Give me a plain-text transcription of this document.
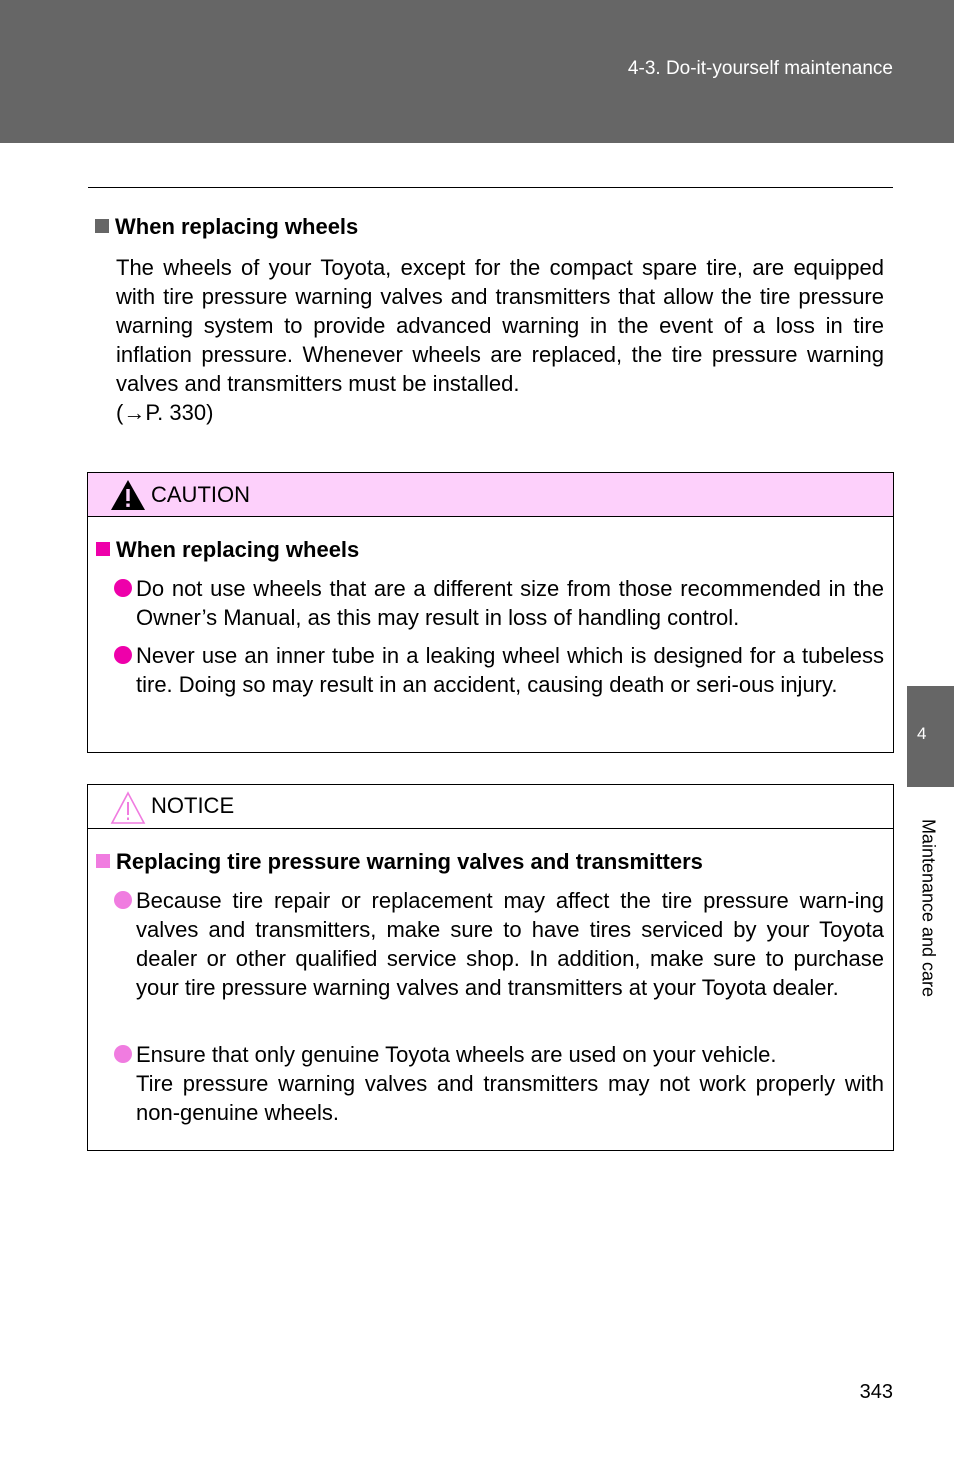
4-3. Do-it-yourself maintenance
When replacing wheels

The wheels of your Toyota, except for the compact spare tire, are equipped with tire pressure warning valves and transmitters that allow the tire pressure warning system to provide advanced warning in the event of a loss in tire inflation pressure. Whenever wheels are replaced, the tire pressure warning valves and transmitters must be installed.

(→P. 330)

CAUTION
When replacing wheels

Do not use wheels that are a different size from those recommended in the Owner’s Manual, as this may result in loss of handling control.

Never use an inner tube in a leaking wheel which is designed for a tubeless tire. Doing so may result in an accident, causing death or seri-ous injury.

NOTICE
Replacing tire pressure warning valves and transmitters

Because tire repair or replacement may affect the tire pressure warn-ing valves and transmitters, make sure to have tires serviced by your Toyota dealer or other qualified service shop. In addition, make sure to purchase your tire pressure warning valves and transmitters at your Toyota dealer.

Ensure that only genuine Toyota wheels are used on your vehicle.

Tire pressure warning valves and transmitters may not work properly with non-genuine wheels.

4
Maintenance and care
343
